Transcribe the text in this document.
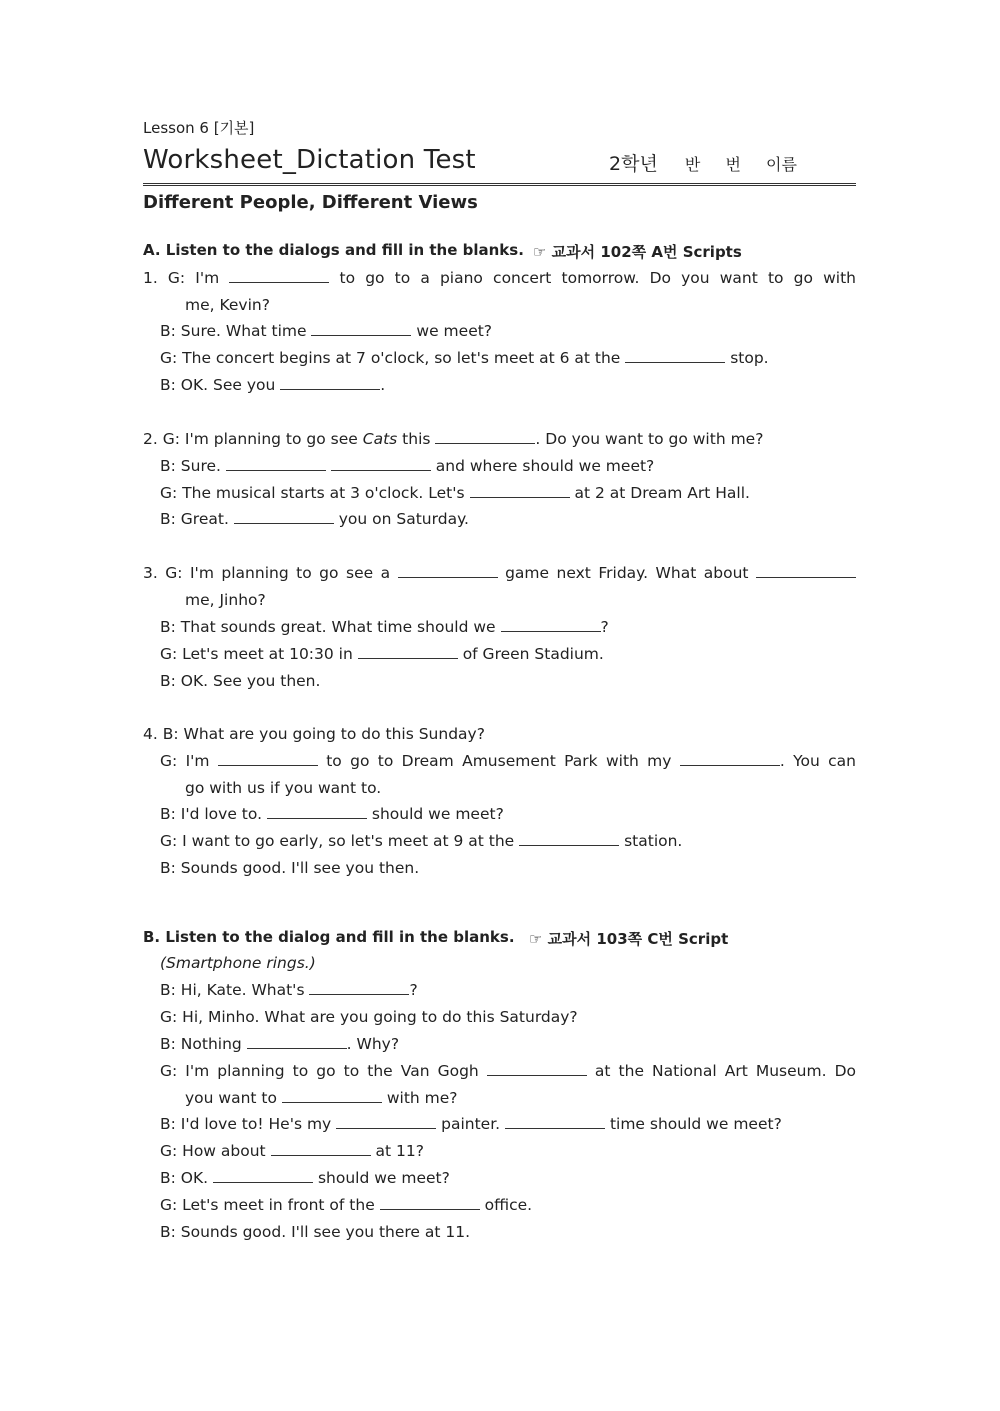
Lesson 6 [기본]
Worksheet_Dictation Test	2학년 반 번 이름
Different People, Different Views
A. Listen to the dialogs and fill in the blanks. ☞ 교과서 102쪽 A번 Scripts
1. G: I'm	to go to a piano concert tomorrow. Do you want to go with
me, Kevin?
B: Sure. What time	we meet?
G: The concert begins at 7 o'clock, so let's meet at 6 at the	stop.
B: OK. See you	.
2. G: I'm planning to go see Cats this	. Do you want to go with me?
B: Sure.	and where should we meet?
G: The musical starts at 3 o'clock. Let's	at 2 at Dream Art Hall.
B: Great.	you on Saturday.
3. G: I'm planning to go see a	game next Friday. What about
me, Jinho?
B: That sounds great. What time should we	?
G: Let's meet at 10:30 in	of Green Stadium.
B: OK. See you then.
4. B: What are you going to do this Sunday?
G: I'm	to go to Dream Amusement Park with my	. You can
go with us if you want to.
B: I'd love to.	should we meet?
G: I want to go early, so let's meet at 9 at the	station.
B: Sounds good. I'll see you then.
B. Listen to the dialog and fill in the blanks. ☞ 교과서 103쪽 C번 Script
(Smartphone rings.)
B: Hi, Kate. What's	?
G: Hi, Minho. What are you going to do this Saturday?
B: Nothing	. Why?
G: I'm planning to go to the Van Gogh	at the National Art Museum. Do
you want to	with me?
B: I'd love to! He's my	painter.	time should we meet?
G: How about	at 11?
B: OK.	should we meet?
G: Let's meet in front of the	office.
B: Sounds good. I'll see you there at 11.
